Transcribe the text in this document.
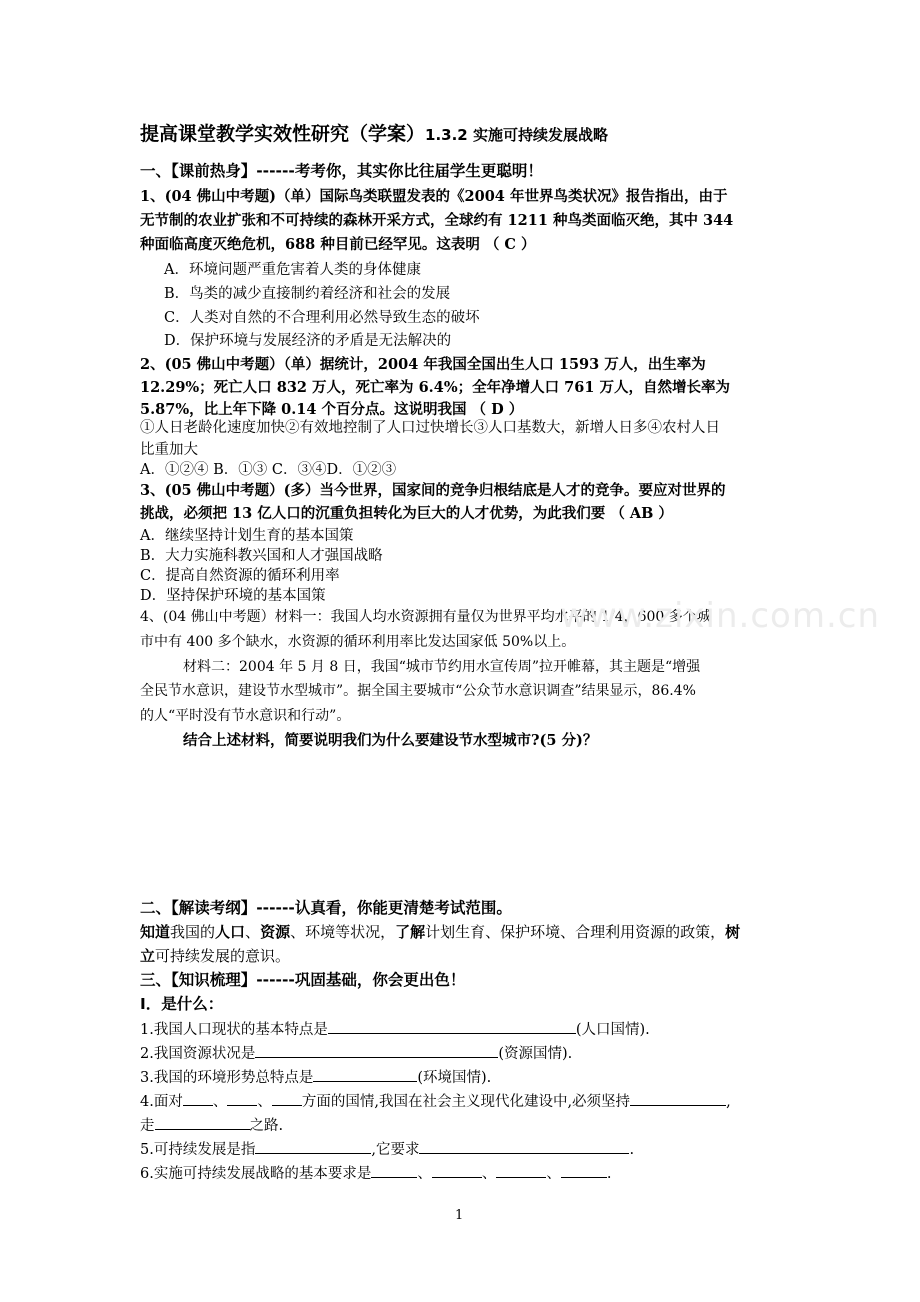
提高课堂教学实效性研究（学案）1.3.2 实施可持续发展战略
一、【课前热身】------考考你，其实你比往届学生更聪明！
1、(04 佛山中考题)（单）国际鸟类联盟发表的《2004 年世界鸟类状况》报告指出，由于
无节制的农业扩张和不可持续的森林开采方式，全球约有 1211 种鸟类面临灭绝，其中 344
种面临高度灭绝危机，688 种目前已经罕见。这表明 （ C ）
A．环境问题严重危害着人类的身体健康
B．鸟类的减少直接制约着经济和社会的发展
C．人类对自然的不合理利用必然导致生态的破坏
D．保护环境与发展经济的矛盾是无法解决的
2、(05 佛山中考题）（单）据统计，2004 年我国全国出生人口 1593 万人，出生率为
12.29%；死亡人口 832 万人，死亡率为 6.4%；全年净增人口 761 万人，自然增长率为
5.87%，比上年下降 0.14 个百分点。这说明我国 （ D ）
①人日老龄化速度加快②有效地控制了人口过快增长③人口基数大，新增人日多④农村人日
比重加大
A．①②④ B．①③ C．③④D．①②③
3、(05 佛山中考题）(多）当今世界，国家间的竞争归根结底是人才的竞争。要应对世界的
挑战，必须把 13 亿人口的沉重负担转化为巨大的人才优势，为此我们要 （ AB ）
A．继续坚持计划生育的基本国策
B．大力实施科教兴国和人才强国战略
C．提高自然资源的循环利用率
D．坚持保护环境的基本国策
4、(04 佛山中考题）材料一：我国人均水资源拥有量仅为世界平均水平的 1/4，600 多个城
市中有 400 多个缺水，水资源的循环利用率比发达国家低 50%以上。
材料二：2004 年 5 月 8 日，我国“城市节约用水宣传周”拉开帷幕，其主题是“增强
全民节水意识，建设节水型城市”。据全国主要城市“公众节水意识调查”结果显示，86.4%
的人“平时没有节水意识和行动”。
结合上述材料，简要说明我们为什么要建设节水型城市?(5 分)？
二、【解读考纲】------认真看，你能更清楚考试范围。
知道我国的人口、资源、环境等状况，了解计划生育、保护环境、合理利用资源的政策，树
立可持续发展的意识。
三、【知识梳理】------巩固基础，你会更出色！
Ⅰ．是什么：
1.我国人口现状的基本特点是	(人口国情).
2.我国资源状况是	(资源国情).
3.我国的环境形势总特点是	(环境国情).
4.面对 、 、 方面的国情,我国在社会主义现代化建设中,必须坚持	,
走	之路.
5.可持续发展是指	,它要求	.
6.实施可持续发展战略的基本要求是	、	、	、	.
www.zixin.com.cn
1
